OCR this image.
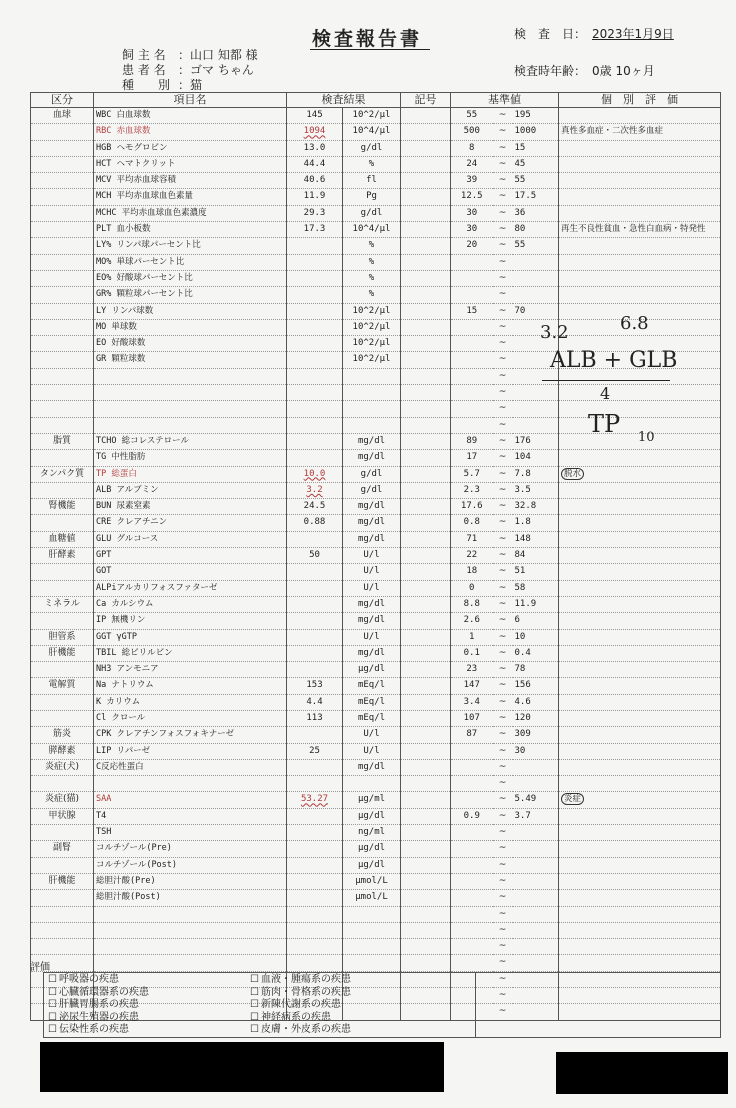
検査報告書
飼 主 名 ：山口 知都 様
患 者 名 ：ゴマ ちゃん
種　　別 ：猫
検　査　日： 2023年1月9日
検査時年齢： 0歳 10ヶ月
区分	項目名	検査結果		記号	基準値			個　別　評　価
血球	WBC 白血球数	145	10^2/μl		55	~	195	
	RBC 赤血球数	1094	10^4/μl		500	~	1000	真性多血症・二次性多血症
	HGB ヘモグロビン	13.0	g/dl		8	~	15	
	HCT ヘマトクリット	44.4	%		24	~	45	
	MCV 平均赤血球容積	40.6	fl		39	~	55	
	MCH 平均赤血球血色素量	11.9	Pg		12.5	~	17.5	
	MCHC 平均赤血球血色素濃度	29.3	g/dl		30	~	36	
	PLT 血小板数	17.3	10^4/μl		30	~	80	再生不良性貧血・急性白血病・特発性
	LY% リンパ球パーセント比		%		20	~	55	
	MO% 単球パーセント比		%			~		
	EO% 好酸球パーセント比		%			~		
	GR% 顆粒球パーセント比		%			~		
	LY リンパ球数		10^2/μl		15	~	70	
	MO 単球数		10^2/μl			~		
	EO 好酸球数		10^2/μl			~		
	GR 顆粒球数		10^2/μl			~		
						~		
						~		
						~		
						~		
脂質	TCHO 総コレステロール		mg/dl		89	~	176	
	TG 中性脂肪		mg/dl		17	~	104	
タンパク質	TP 総蛋白	10.0	g/dl		5.7	~	7.8	脱水
	ALB アルブミン	3.2	g/dl		2.3	~	3.5	
腎機能	BUN 尿素窒素	24.5	mg/dl		17.6	~	32.8	
	CRE クレアチニン	0.88	mg/dl		0.8	~	1.8	
血糖値	GLU グルコース		mg/dl		71	~	148	
肝酵素	GPT	50	U/l		22	~	84	
	GOT		U/l		18	~	51	
	ALPiアルカリフォスファターゼ		U/l		0	~	58	
ミネラル	Ca カルシウム		mg/dl		8.8	~	11.9	
	IP 無機リン		mg/dl		2.6	~	6	
胆管系	GGT γGTP		U/l		1	~	10	
肝機能	TBIL 総ビリルビン		mg/dl		0.1	~	0.4	
	NH3 アンモニア		μg/dl		23	~	78	
電解質	Na ナトリウム	153	mEq/l		147	~	156	
	K カリウム	4.4	mEq/l		3.4	~	4.6	
	Cl クロール	113	mEq/l		107	~	120	
筋炎	CPK クレアチンフォスフォキナーゼ		U/l		87	~	309	
膵酵素	LIP リパーゼ	25	U/l			~	30	
炎症(犬)	C反応性蛋白		mg/dl			~		
						~		
炎症(猫)	SAA	53.27	μg/ml			~	5.49	炎症
甲状腺	T4		μg/dl		0.9	~	3.7	
	TSH		ng/ml			~		
副腎	コルチゾール(Pre)		μg/dl			~		
	コルチゾール(Post)		μg/dl			~		
肝機能	総胆汁酸(Pre)		μmol/L			~		
	総胆汁酸(Post)		μmol/L			~		
						~		
						~		
						~		
						~		
						~		
						~		
						~		
3.2	6.8
ALB + GLB
4
TP 10
評価
☐ 呼吸器の疾患
☐ 心臓循環器系の疾患
☐ 肝臓胃腸系の疾患
☐ 泌尿生殖器の疾患
☐ 伝染性系の疾患
☐ 血液・腫瘍系の疾患
☐ 筋肉・骨格系の疾患
☐ 新陳代謝系の疾患
☐ 神経病系の疾患
☐ 皮膚・外皮系の疾患
